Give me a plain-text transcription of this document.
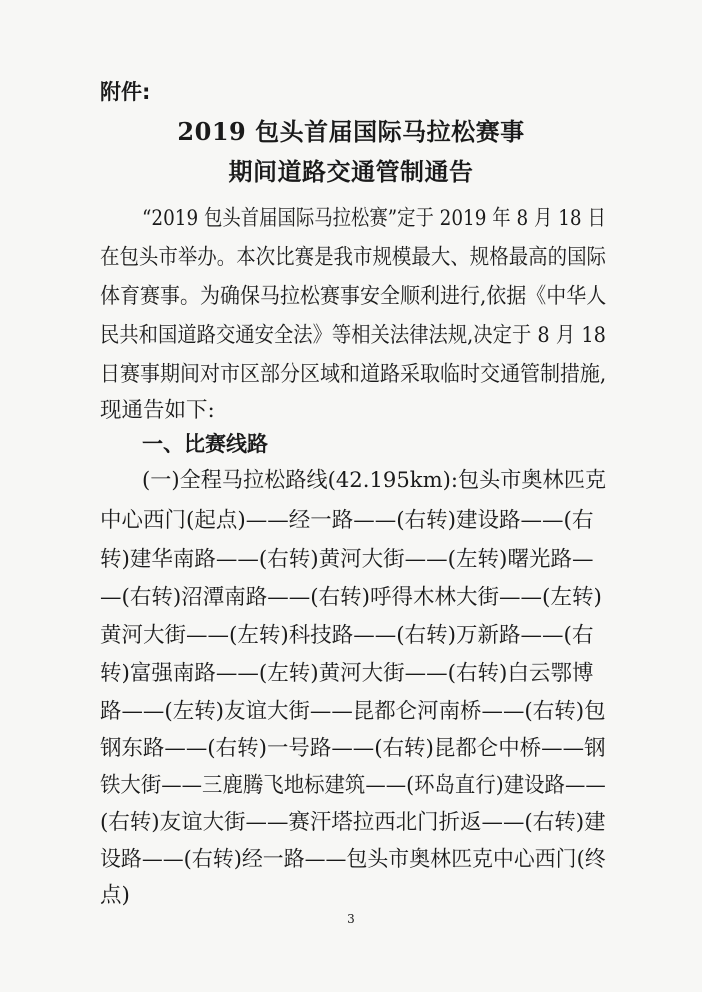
附件:
2019 包头首届国际马拉松赛事
期间道路交通管制通告
“2019 包头首届国际马拉松赛”定于 2019 年 8 月 18 日
在包头市举办。本次比赛是我市规模最大、规格最高的国际
体育赛事。为确保马拉松赛事安全顺利进行,依据《中华人
民共和国道路交通安全法》等相关法律法规,决定于 8 月 18
日赛事期间对市区部分区域和道路采取临时交通管制措施,
现通告如下:
一、比赛线路
(一)全程马拉松路线(42.195km):包头市奥林匹克
中心西门(起点)——经一路——(右转)建设路——(右
转)建华南路——(右转)黄河大街——(左转)曙光路—
—(右转)沼潭南路——(右转)呼得木林大街——(左转)
黄河大街——(左转)科技路——(右转)万新路——(右
转)富强南路——(左转)黄河大街——(右转)白云鄂博
路——(左转)友谊大街——昆都仑河南桥——(右转)包
钢东路——(右转)一号路——(右转)昆都仑中桥——钢
铁大街——三鹿腾飞地标建筑——(环岛直行)建设路——
(右转)友谊大街——赛汗塔拉西北门折返——(右转)建
设路——(右转)经一路——包头市奥林匹克中心西门(终
点)
3
